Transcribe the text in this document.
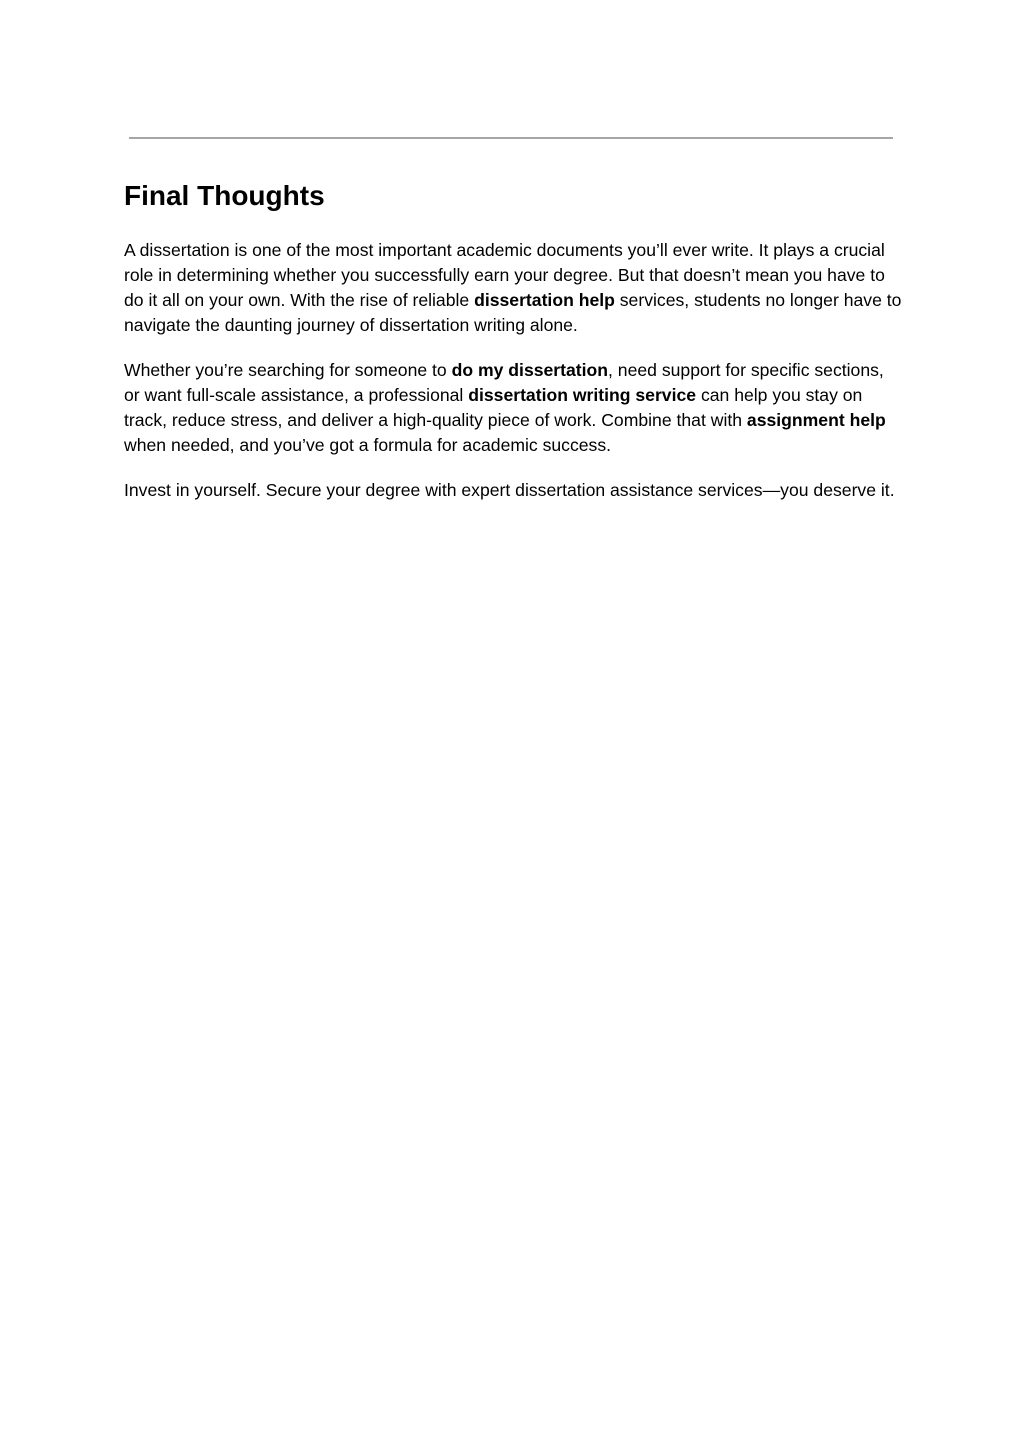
Final Thoughts

A dissertation is one of the most important academic documents you’ll ever write. It plays a crucial role in determining whether you successfully earn your degree. But that doesn’t mean you have to do it all on your own. With the rise of reliable dissertation help services, students no longer have to navigate the daunting journey of dissertation writing alone.

Whether you’re searching for someone to do my dissertation, need support for specific sections, or want full-scale assistance, a professional dissertation writing service can help you stay on track, reduce stress, and deliver a high-quality piece of work. Combine that with assignment help when needed, and you’ve got a formula for academic success.

Invest in yourself. Secure your degree with expert dissertation assistance services—you deserve it.
